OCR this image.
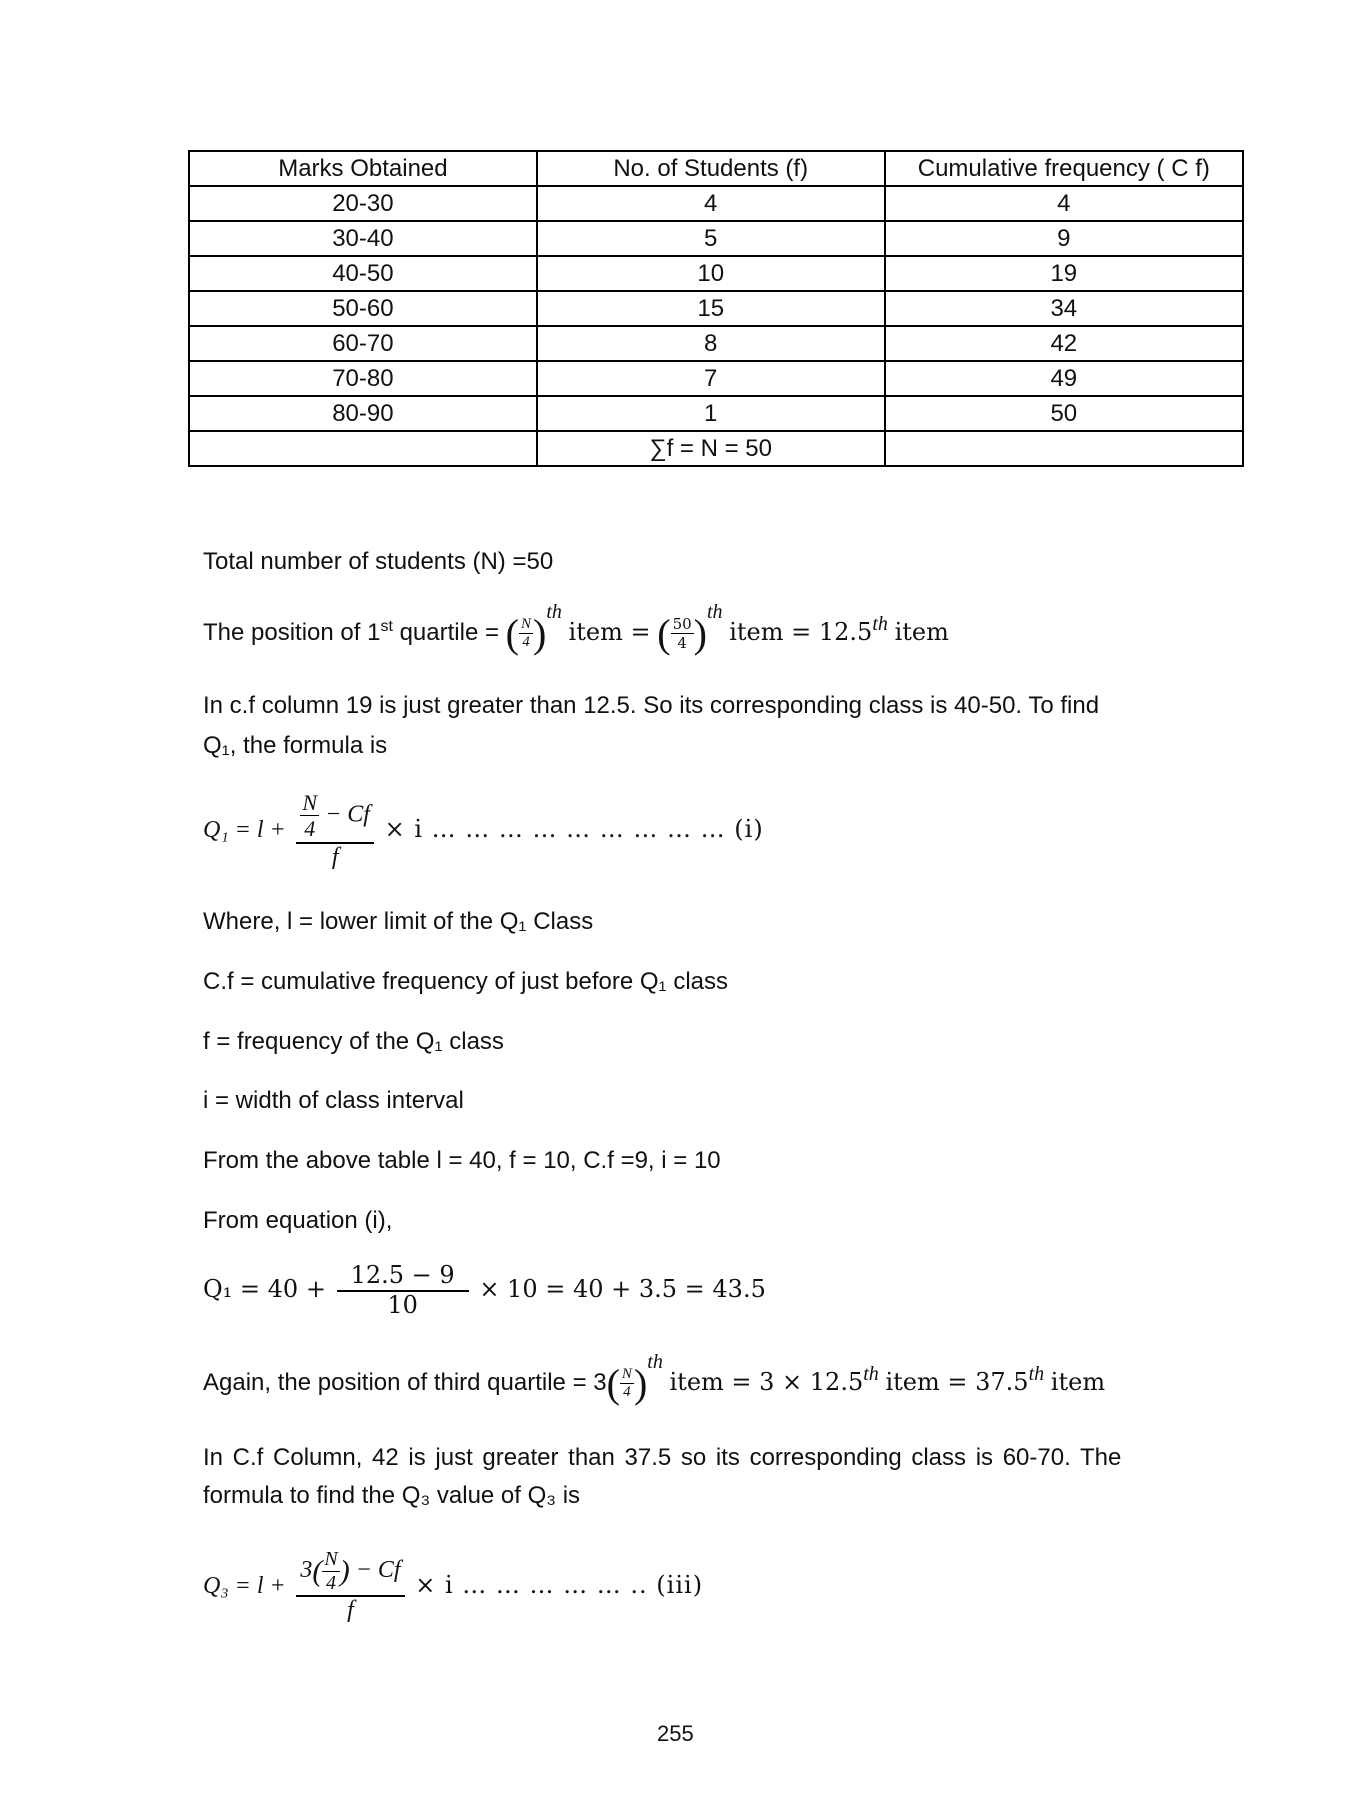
Marks Obtained	No. of Students (f)	Cumulative frequency ( C f)
20-30	4	4
30-40	5	9
40-50	10	19
50-60	15	34
60-70	8	42
70-80	7	49
80-90	1	50
	∑f = N = 50	
Total number of students (N) =50
The position of 1st quartile = ( $\frac{N}{4} )^{th}$ item = ( $\frac{50}{4} )^{th}$ item = 12.5th item
In c.f column 19 is just greater than 12.5. So its corresponding class is 40-50. To find
Q₁, the formula is
$Q_1 = l + \frac{\frac{N}{4} - Cf}{f} \times i$ … … … … … … … … … (i)
Where, l = lower limit of the Q₁ Class
C.f = cumulative frequency of just before Q₁ class
f = frequency of the Q₁ class
i = width of class interval
From the above table l = 40, f = 10, C.f =9, i = 10
From equation (i),
$Q_1 = 40 + \frac{12.5 - 9}{10} \times 10 = 40 + 3.5 = 43.5$
Again, the position of third quartile = $3( \frac{N}{4} )^{th}$ item = 3 × 12.5th item = 37.5th item
In C.f Column, 42 is just greater than 37.5 so its corresponding class is 60-70. The
formula to find the Q₃ value of Q₃ is
$Q_3 = l + \frac{3( \frac{N}{4} ) - Cf}{f} \times i$ … … … … … .. (iii)
255
